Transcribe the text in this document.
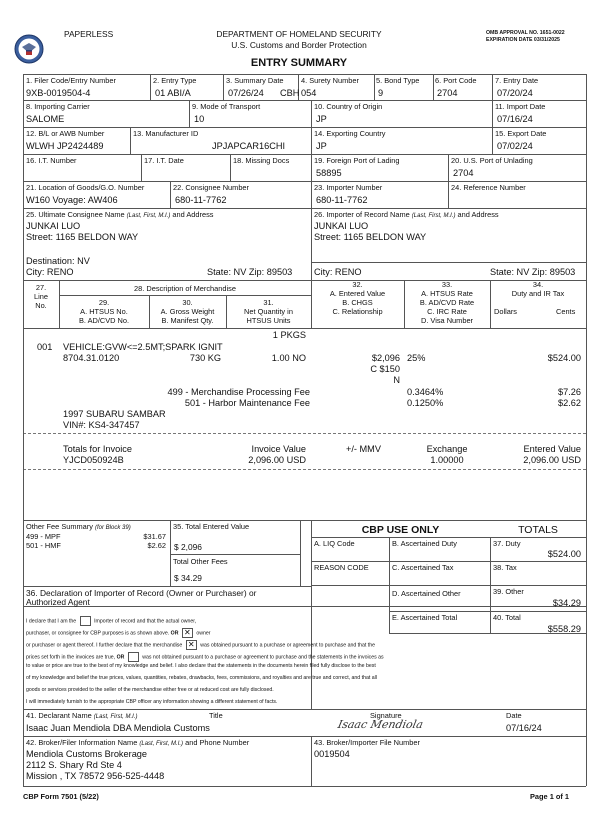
PAPERLESS	DEPARTMENT OF HOMELAND SECURITY
U.S. Customs and Border Protection
OMB APPROVAL NO. 1651-0022
EXPIRATION DATE 03/31/2025
ENTRY SUMMARY
1. Filer Code/Entry Number
9XB-0019504-4
2. Entry Type
01 ABI/A
3. Summary Date
07/26/24 CBH
4. Surety Number
054
5. Bond Type
9
6. Port Code
2704
7. Entry Date
07/20/24
8. Importing Carrier
SALOME
9. Mode of Transport
10
10. Country of Origin
JP
11. Import Date
07/16/24
12. B/L or AWB Number
WLWH JP2424489
13. Manufacturer ID
JPJAPCAR16CHI
14. Exporting Country
JP
15. Export Date
07/02/24
16. I.T. Number	17. I.T. Date	18. Missing Docs	19. Foreign Port of Lading
58895
20. U.S. Port of Unlading
2704
21. Location of Goods/G.O. Number
W160 Voyage: AW406
22. Consignee Number
680-11-7762
23. Importer Number
680-11-7762
24. Reference Number
25. Ultimate Consignee Name (Last, First, M.I.) and Address
JUNKAI LUO
Street: 1165 BELDON WAY
Destination: NV
City: RENO	State: NV Zip: 89503
26. Importer of Record Name (Last, First, M.I.) and Address
JUNKAI LUO
Street: 1165 BELDON WAY
City: RENO	State: NV Zip: 89503
27.
Line
No.
28. Description of Merchandise
29.
A. HTSUS No.
B. AD/CVD No.
30.
A. Gross Weight
B. Manifest Qty.
31.
Net Quantity in
HTSUS Units
32.
A. Entered Value
B. CHGS
C. Relationship
33.
A. HTSUS Rate
B. AD/CVD Rate
C. IRC Rate
D. Visa Number
34.
Duty and IR Tax
Dollars	Cents
1 PKGS
001 VEHICLE:GVW<=2.5MT;SPARK IGNIT
8704.31.0120	730 KG	1.00 NO	$2,096
C $150
N
25%	$524.00
499 - Merchandise Processing Fee	0.3464%	$7.26
501 - Harbor Maintenance Fee	0.1250%	$2.62
1997 SUBARU SAMBAR
VIN#: KS4-347457
Totals for Invoice
YJCD050924B
Invoice Value
2,096.00 USD
+/- MMV	Exchange
1.00000
Entered Value
2,096.00 USD
Other Fee Summary (for Block 39)
499 - MPF	$31.67
501 - HMF	$2.62
35. Total Entered Value
$ 2,096
Total Other Fees
$ 34.29
CBP USE ONLY	TOTALS
A. LIQ Code	B. Ascertained Duty	37. Duty
$524.00
REASON CODE	C. Ascertained Tax	38. Tax
D. Ascertained Other	39. Other
$34.29
E. Ascertained Total	40. Total
$558.29
36. Declaration of Importer of Record (Owner or Purchaser) or
Authorized Agent
I declare that I am the	Importer of record and that the actual owner,
purchaser, or consignee for CBP purposes is as shown above. OR ✕ owner
or purchaser or agent thereof. I further declare that the merchandise ✕ was obtained pursuant to a purchase or agreement to purchase and that the
prices set forth in the invoices are true, OR	was not obtained pursuant to a purchase or agreement to purchase and the statements in the invoices as
to value or price are true to the best of my knowledge and belief. I also declare that the statements in the documents herein filed fully disclose to the best
of my knowledge and belief the true prices, values, quantities, rebates, drawbacks, fees, commissions, and royalties and are true and correct, and that all
goods or services provided to the seller of the merchandise either free or at reduced cost are fully disclosed.
I will immediately furnish to the appropriate CBP officer any information showing a different statement of facts.
41. Declarant Name (Last, First, M.I.)	Title	Signature	Date
Isaac Juan Mendiola DBA Mendiola Customs	Isaac Mendiola	07/16/24
42. Broker/Filer Information Name (Last, First, M.I.) and Phone Number
Mendiola Customs Brokerage
2112 S. Shary Rd Ste 4
Mission , TX 78572 956-525-4448
43. Broker/Importer File Number
0019504
CBP Form 7501 (5/22)	Page 1 of 1
